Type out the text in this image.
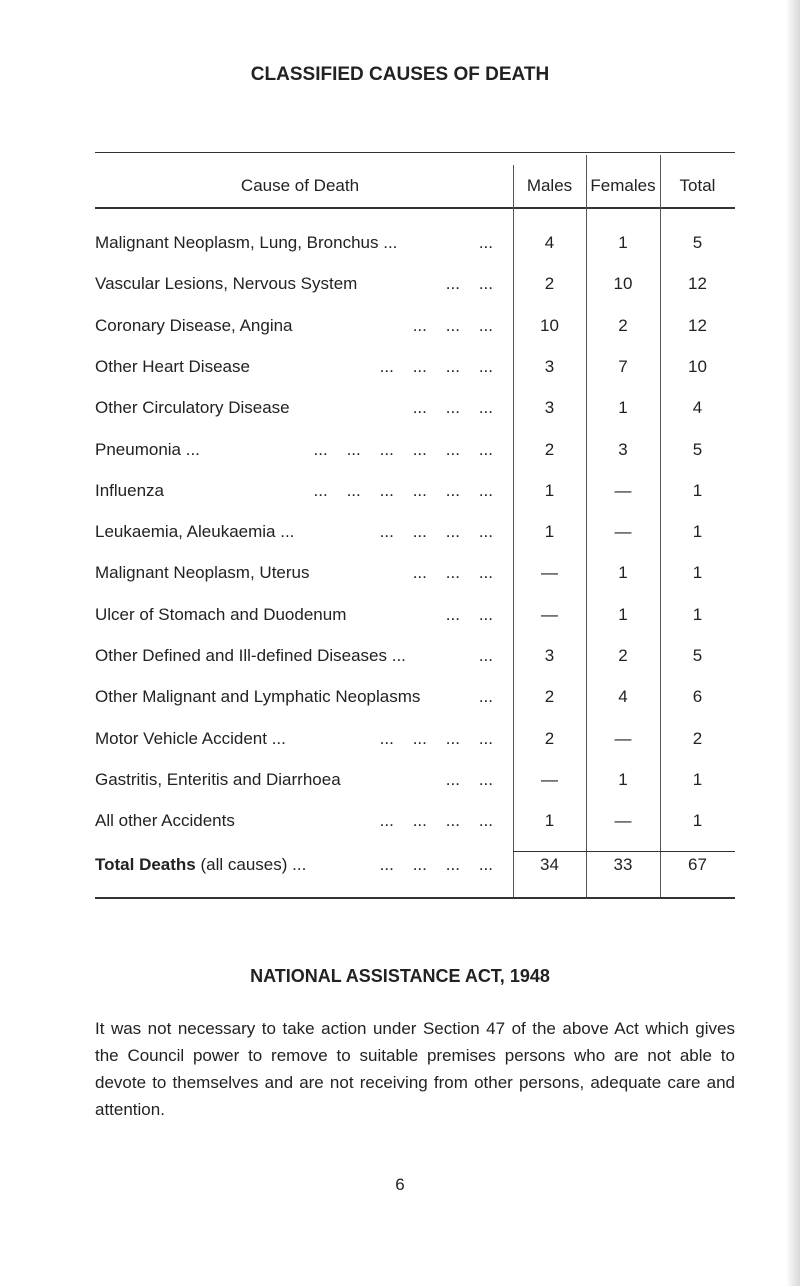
CLASSIFIED CAUSES OF DEATH
Cause of Death	Males	Females	Total
Malignant Neoplasm, Lung, Bronchus ...	...	4	1	5
Vascular Lesions, Nervous System	...    ...	2	10	12
Coronary Disease, Angina	...    ...    ...	10	2	12
Other Heart Disease	...    ...    ...    ...	3	7	10
Other Circulatory Disease	...    ...    ...	3	1	4
Pneumonia ...	...    ...    ...    ...    ...    ...	2	3	5
Influenza	...    ...    ...    ...    ...    ...	1	—	1
Leukaemia, Aleukaemia ...	...    ...    ...    ...	1	—	1
Malignant Neoplasm, Uterus	...    ...    ...	—	1	1
Ulcer of Stomach and Duodenum	...    ...	—	1	1
Other Defined and Ill-defined Diseases ...	...	3	2	5
Other Malignant and Lymphatic Neoplasms	...	2	4	6
Motor Vehicle Accident ...	...    ...    ...    ...	2	—	2
Gastritis, Enteritis and Diarrhoea	...    ...	—	1	1
All other Accidents	...    ...    ...    ...	1	—	1
Total Deaths (all causes) ...	...    ...    ...    ...	34	33	67
NATIONAL ASSISTANCE ACT, 1948
It was not necessary to take action under Section 47 of the above Act which gives the Council power to remove to suitable premises persons who are not able to devote to themselves and are not receiving from other persons, adequate care and attention.
6
